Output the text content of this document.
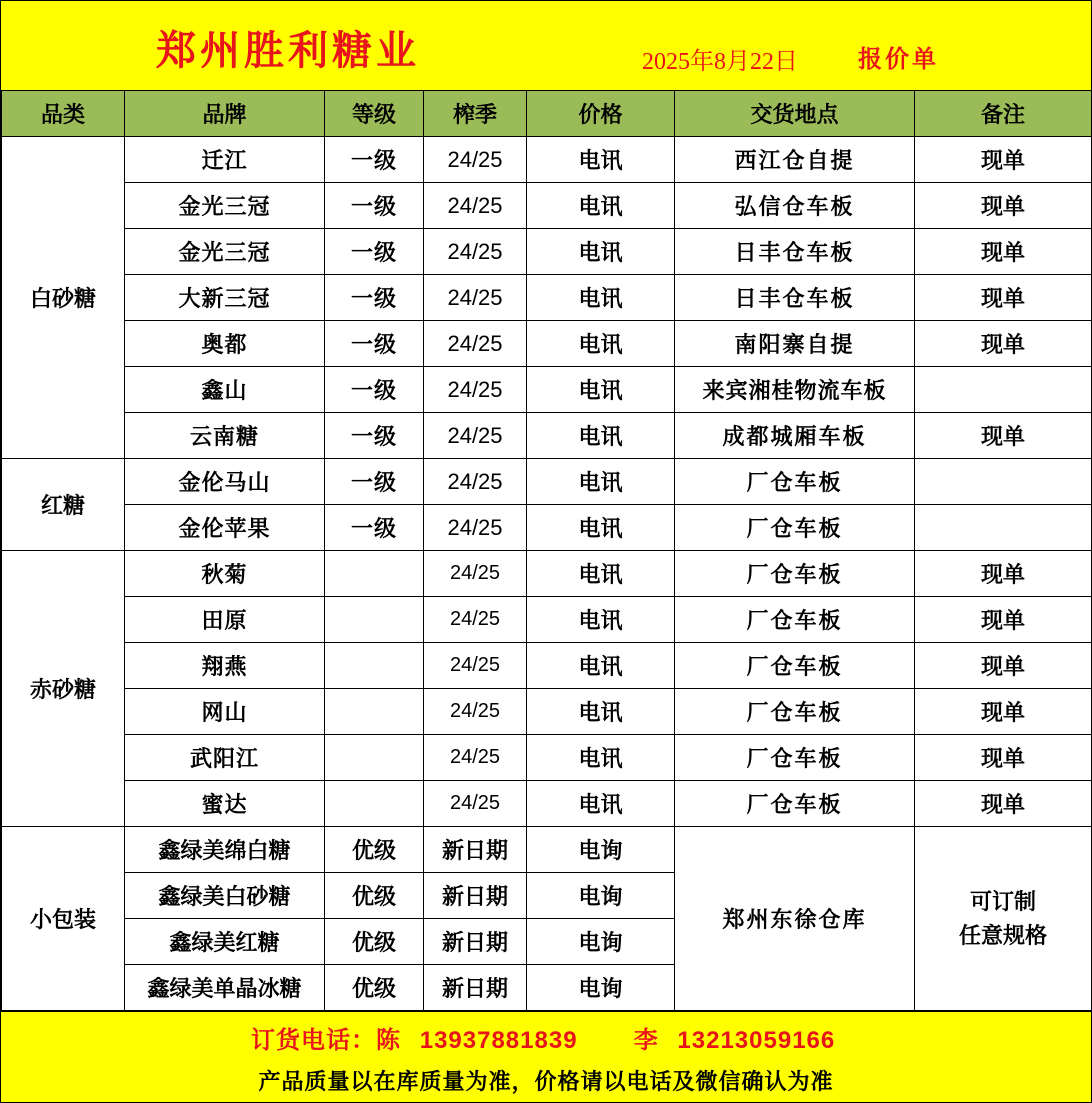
郑州胜利糖业	2025年8月22日	报价单
品类	品牌	等级	榨季	价格	交货地点	备注
白砂糖	迁江	一级	24/25	电讯	西江仓自提	现单
	金光三冠	一级	24/25	电讯	弘信仓车板	现单
	金光三冠	一级	24/25	电讯	日丰仓车板	现单
	大新三冠	一级	24/25	电讯	日丰仓车板	现单
	奥都	一级	24/25	电讯	南阳寨自提	现单
	鑫山	一级	24/25	电讯	来宾湘桂物流车板	
	云南糖	一级	24/25	电讯	成都城厢车板	现单
红糖	金伦马山	一级	24/25	电讯	厂仓车板	
	金伦苹果	一级	24/25	电讯	厂仓车板	
赤砂糖	秋菊		24/25	电讯	厂仓车板	现单
	田原		24/25	电讯	厂仓车板	现单
	翔燕		24/25	电讯	厂仓车板	现单
	网山		24/25	电讯	厂仓车板	现单
	武阳江		24/25	电讯	厂仓车板	现单
	蜜达		24/25	电讯	厂仓车板	现单
小包装	鑫绿美绵白糖	优级	新日期	电询	郑州东徐仓库	可订制
任意规格

	鑫绿美白砂糖	优级	新日期	电询		
	鑫绿美红糖	优级	新日期	电询		
	鑫绿美单晶冰糖	优级	新日期	电询		
订货电话：陈 13937881839 李 13213059166
产品质量以在库质量为准，价格请以电话及微信确认为准
